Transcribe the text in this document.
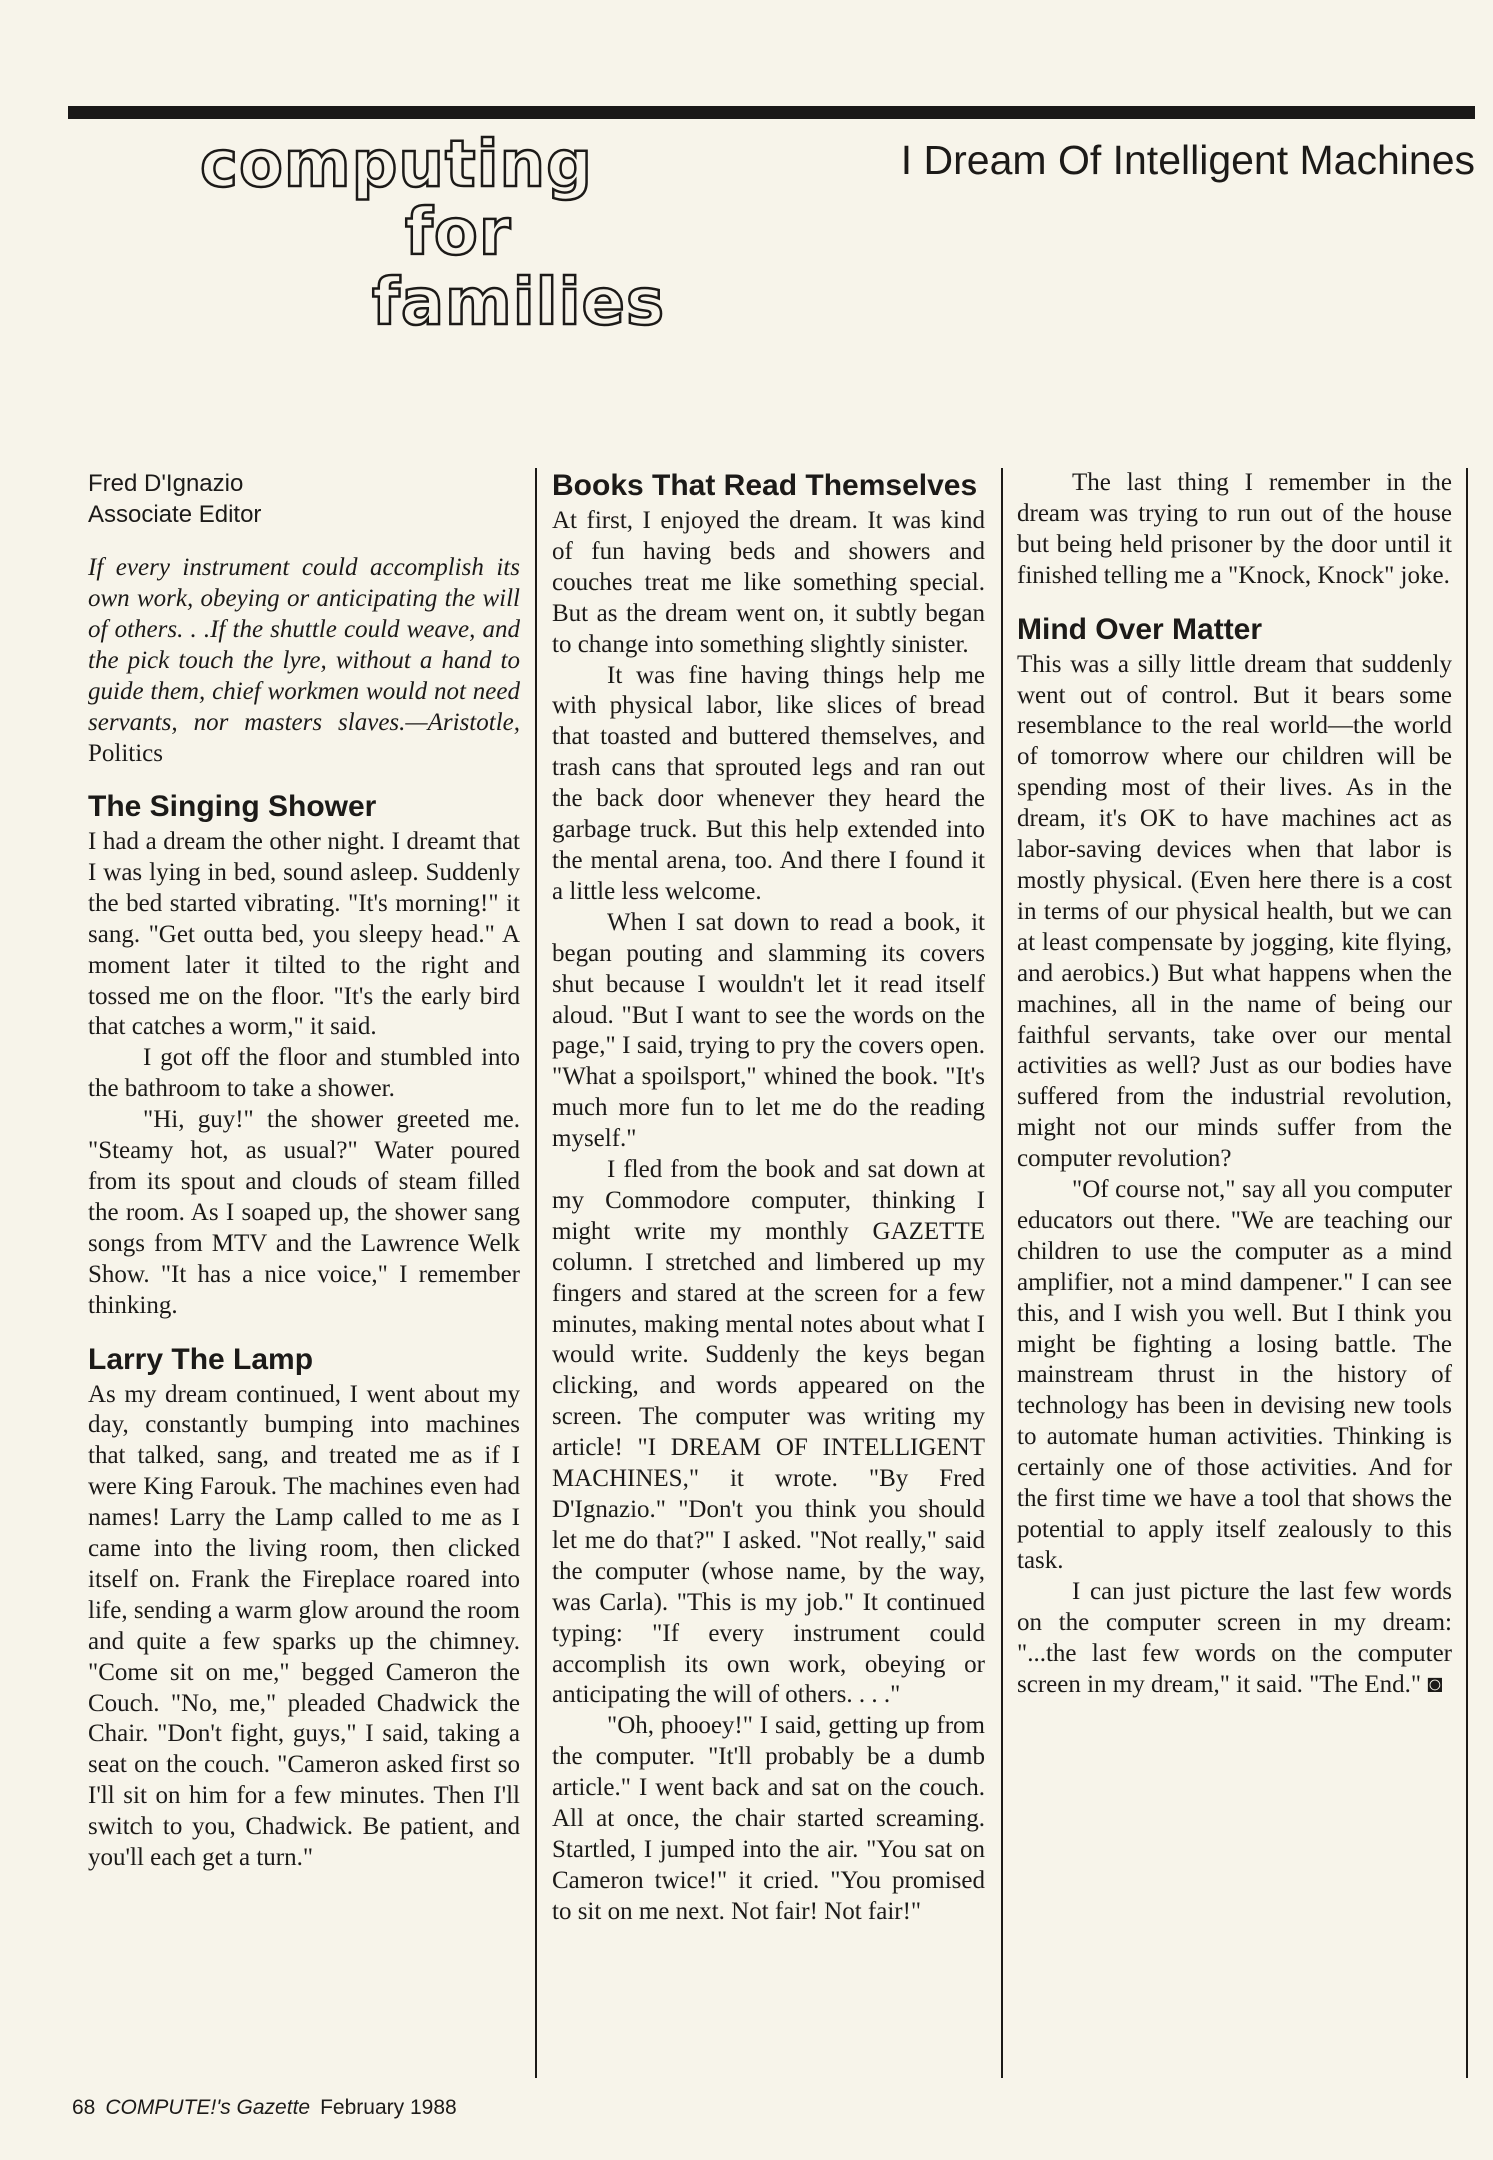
computing
for
families
I Dream Of Intelligent Machines
Fred D'Ignazio
Associate Editor

If every instrument could accomplish its own work, obeying or anticipating the will of others. . .If the shuttle could weave, and the pick touch the lyre, without a hand to guide them, chief workmen would not need servants, nor masters slaves.—Aristotle, Politics

The Singing Shower

I had a dream the other night. I dreamt that I was lying in bed, sound asleep. Suddenly the bed started vibrating. "It's morning!" it sang. "Get outta bed, you sleepy head." A moment later it tilted to the right and tossed me on the floor. "It's the early bird that catches a worm," it said.

I got off the floor and stumbled into the bathroom to take a shower.

"Hi, guy!" the shower greeted me. "Steamy hot, as usual?" Water poured from its spout and clouds of steam filled the room. As I soaped up, the shower sang songs from MTV and the Lawrence Welk Show. "It has a nice voice," I remember thinking.

Larry The Lamp

As my dream continued, I went about my day, constantly bumping into machines that talked, sang, and treated me as if I were King Farouk. The machines even had names! Larry the Lamp called to me as I came into the living room, then clicked itself on. Frank the Fireplace roared into life, sending a warm glow around the room and quite a few sparks up the chimney. "Come sit on me," begged Cameron the Couch. "No, me," pleaded Chadwick the Chair. "Don't fight, guys," I said, taking a seat on the couch. "Cameron asked first so I'll sit on him for a few minutes. Then I'll switch to you, Chadwick. Be patient, and you'll each get a turn."

Books That Read Themselves

At first, I enjoyed the dream. It was kind of fun having beds and showers and couches treat me like something special. But as the dream went on, it subtly began to change into something slightly sinister.

It was fine having things help me with physical labor, like slices of bread that toasted and buttered themselves, and trash cans that sprouted legs and ran out the back door whenever they heard the garbage truck. But this help extended into the mental arena, too. And there I found it a little less welcome.

When I sat down to read a book, it began pouting and slamming its covers shut because I wouldn't let it read itself aloud. "But I want to see the words on the page," I said, trying to pry the covers open. "What a spoilsport," whined the book. "It's much more fun to let me do the reading myself."

I fled from the book and sat down at my Commodore computer, thinking I might write my monthly GAZETTE column. I stretched and limbered up my fingers and stared at the screen for a few minutes, making mental notes about what I would write. Suddenly the keys began clicking, and words appeared on the screen. The computer was writing my article! "I DREAM OF INTELLIGENT MACHINES," it wrote. "By Fred D'Ignazio." "Don't you think you should let me do that?" I asked. "Not really," said the computer (whose name, by the way, was Carla). "This is my job." It continued typing: "If every instrument could accomplish its own work, obeying or anticipating the will of others. . . ."

"Oh, phooey!" I said, getting up from the computer. "It'll probably be a dumb article." I went back and sat on the couch. All at once, the chair started screaming. Startled, I jumped into the air. "You sat on Cameron twice!" it cried. "You promised to sit on me next. Not fair! Not fair!"

The last thing I remember in the dream was trying to run out of the house but being held prisoner by the door until it finished telling me a "Knock, Knock" joke.

Mind Over Matter

This was a silly little dream that suddenly went out of control. But it bears some resemblance to the real world—the world of tomorrow where our children will be spending most of their lives. As in the dream, it's OK to have machines act as labor-saving devices when that labor is mostly physical. (Even here there is a cost in terms of our physical health, but we can at least compensate by jogging, kite flying, and aerobics.) But what happens when the machines, all in the name of being our faithful servants, take over our mental activities as well? Just as our bodies have suffered from the industrial revolution, might not our minds suffer from the computer revolution?

"Of course not," say all you computer educators out there. "We are teaching our children to use the computer as a mind amplifier, not a mind dampener." I can see this, and I wish you well. But I think you might be fighting a losing battle. The mainstream thrust in the history of technology has been in devising new tools to automate human activities. Thinking is certainly one of those activities. And for the first time we have a tool that shows the potential to apply itself zealously to this task.

I can just picture the last few words on the computer screen in my dream: "...the last few words on the computer screen in my dream," it said. "The End." ◙

68 COMPUTE!'s Gazette February 1988
